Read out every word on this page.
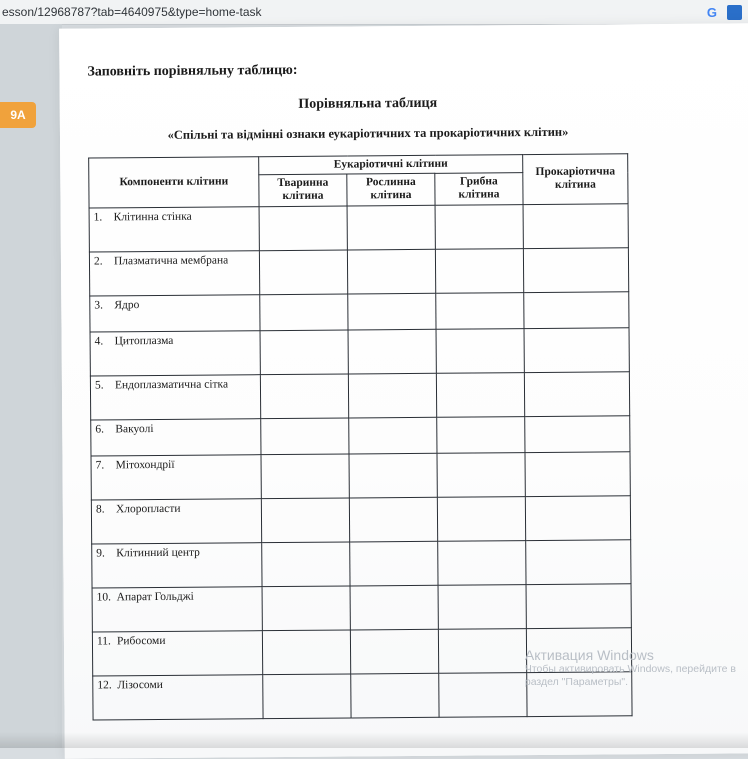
esson/12968787?tab=4640975&type=home-task	G
9А

Заповніть порівняльну таблицю:

Порівняльна таблиця

«Спільні та відмінні ознаки еукаріотичних та прокаріотичних клітин»

Компоненти клітини	Еукаріотичні клітини			Прокаріотична клітина
	Тваринна клітина	Рослинна клітина	Грибна клітина	
1. Клітинна стінка				
2. Плазматична мембрана				
3. Ядро				
4. Цитоплазма				
5. Ендоплазматична сітка				
6. Вакуолі				
7. Мітохондрії				
8. Хлоропласти				
9. Клітинний центр				
10. Апарат Гольджі				
11. Рибосоми				
12. Лізосоми				
Активация Windows
Чтобы активировать Windows, перейдите в
раздел "Параметры".
